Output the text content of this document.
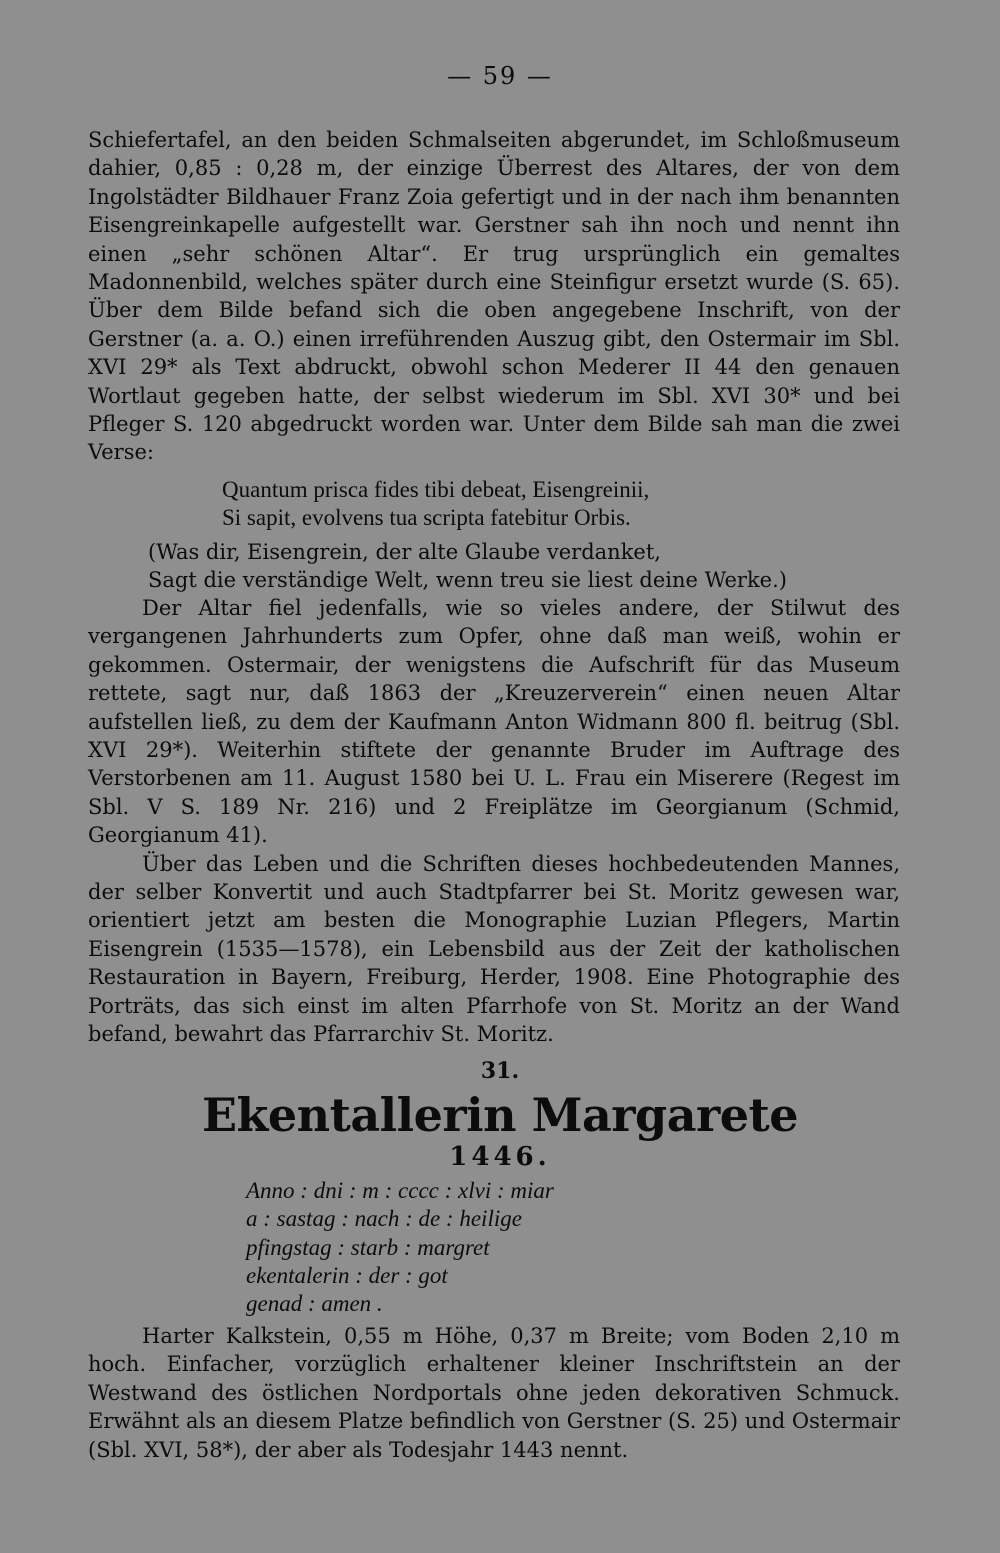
— 59 —

Schiefertafel, an den beiden Schmalseiten abgerundet, im Schloßmuseum dahier, 0,85 : 0,28 m, der einzige Überrest des Altares, der von dem Ingolstädter Bildhauer Franz Zoia gefertigt und in der nach ihm benannten Eisengreinkapelle aufgestellt war. Gerstner sah ihn noch und nennt ihn einen „sehr schönen Altar“. Er trug ursprünglich ein gemaltes Madonnenbild, welches später durch eine Steinfigur ersetzt wurde (S. 65). Über dem Bilde befand sich die oben angegebene Inschrift, von der Gerstner (a. a. O.) einen irreführenden Auszug gibt, den Ostermair im Sbl. XVI 29* als Text abdruckt, obwohl schon Mederer II 44 den genauen Wortlaut gegeben hatte, der selbst wiederum im Sbl. XVI 30* und bei Pfleger S. 120 abgedruckt worden war. Unter dem Bilde sah man die zwei Verse:

Quantum prisca fides tibi debeat, Eisengreinii,
Si sapit, evolvens tua scripta fatebitur Orbis.
(Was dir, Eisengrein, der alte Glaube verdanket,
Sagt die verständige Welt, wenn treu sie liest deine Werke.)

Der Altar fiel jedenfalls, wie so vieles andere, der Stilwut des vergangenen Jahrhunderts zum Opfer, ohne daß man weiß, wohin er gekommen. Ostermair, der wenigstens die Aufschrift für das Museum rettete, sagt nur, daß 1863 der „Kreuzerverein“ einen neuen Altar aufstellen ließ, zu dem der Kaufmann Anton Widmann 800 fl. beitrug (Sbl. XVI 29*). Weiterhin stiftete der genannte Bruder im Auftrage des Verstorbenen am 11. August 1580 bei U. L. Frau ein Miserere (Regest im Sbl. V S. 189 Nr. 216) und 2 Freiplätze im Georgianum (Schmid, Georgianum 41).

Über das Leben und die Schriften dieses hochbedeutenden Mannes, der selber Konvertit und auch Stadtpfarrer bei St. Moritz gewesen war, orientiert jetzt am besten die Monographie Luzian Pflegers, Martin Eisengrein (1535—1578), ein Lebensbild aus der Zeit der katholischen Restauration in Bayern, Freiburg, Herder, 1908. Eine Photographie des Porträts, das sich einst im alten Pfarrhofe von St. Moritz an der Wand befand, bewahrt das Pfarrarchiv St. Moritz.

31.
Ekentallerin Margarete
1446.
Anno : dni : m : cccc : xlvi : miar
a : sastag : nach : de : heilige
pfingstag : starb : margret
ekentalerin : der : got
genad : amen .

Harter Kalkstein, 0,55 m Höhe, 0,37 m Breite; vom Boden 2,10 m hoch. Einfacher, vorzüglich erhaltener kleiner Inschriftstein an der Westwand des östlichen Nordportals ohne jeden dekorativen Schmuck. Erwähnt als an diesem Platze befindlich von Gerstner (S. 25) und Ostermair (Sbl. XVI, 58*), der aber als Todesjahr 1443 nennt.
